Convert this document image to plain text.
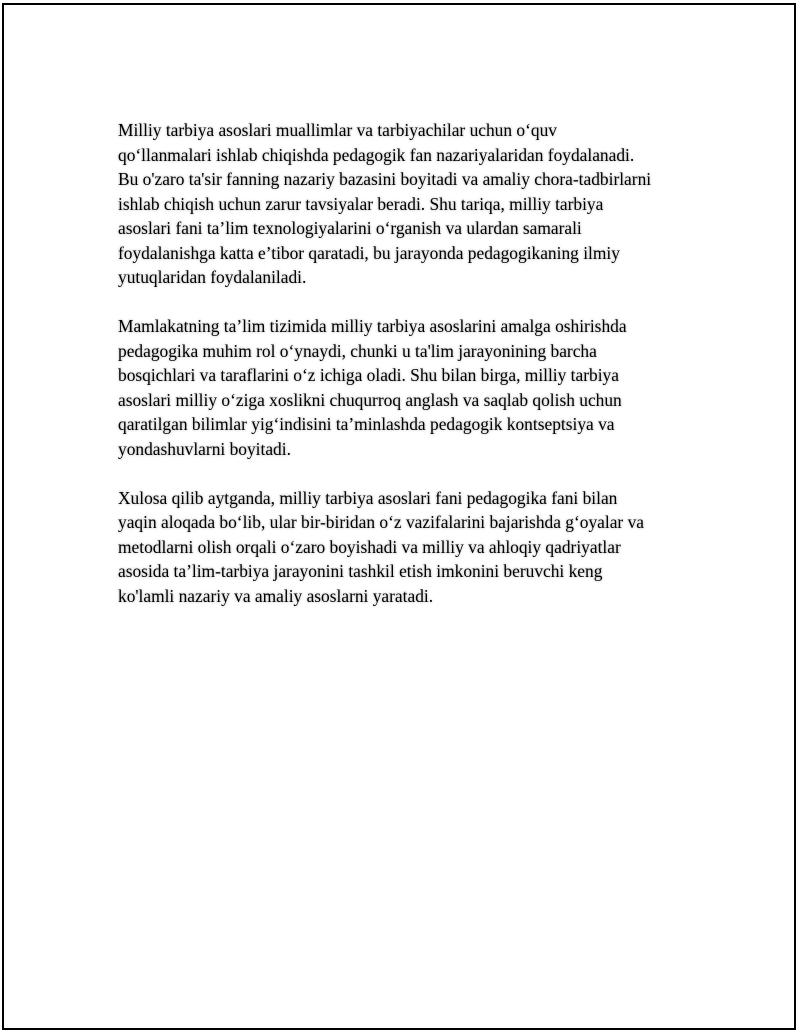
Milliy tarbiya asoslari muallimlar va tarbiyachilar uchun o‘quv
qo‘llanmalari ishlab chiqishda pedagogik fan nazariyalaridan foydalanadi.
Bu o'zaro ta'sir fanning nazariy bazasini boyitadi va amaliy chora-tadbirlarni
ishlab chiqish uchun zarur tavsiyalar beradi. Shu tariqa, milliy tarbiya
asoslari fani ta’lim texnologiyalarini o‘rganish va ulardan samarali
foydalanishga katta e’tibor qaratadi, bu jarayonda pedagogikaning ilmiy
yutuqlaridan foydalaniladi.

Mamlakatning ta’lim tizimida milliy tarbiya asoslarini amalga oshirishda
pedagogika muhim rol o‘ynaydi, chunki u ta'lim jarayonining barcha
bosqichlari va taraflarini o‘z ichiga oladi. Shu bilan birga, milliy tarbiya
asoslari milliy o‘ziga xoslikni chuqurroq anglash va saqlab qolish uchun
qaratilgan bilimlar yig‘indisini ta’minlashda pedagogik kontseptsiya va
yondashuvlarni boyitadi.

Xulosa qilib aytganda, milliy tarbiya asoslari fani pedagogika fani bilan
yaqin aloqada bo‘lib, ular bir-biridan o‘z vazifalarini bajarishda g‘oyalar va
metodlarni olish orqali o‘zaro boyishadi va milliy va ahloqiy qadriyatlar
asosida ta’lim-tarbiya jarayonini tashkil etish imkonini beruvchi keng
ko'lamli nazariy va amaliy asoslarni yaratadi.
